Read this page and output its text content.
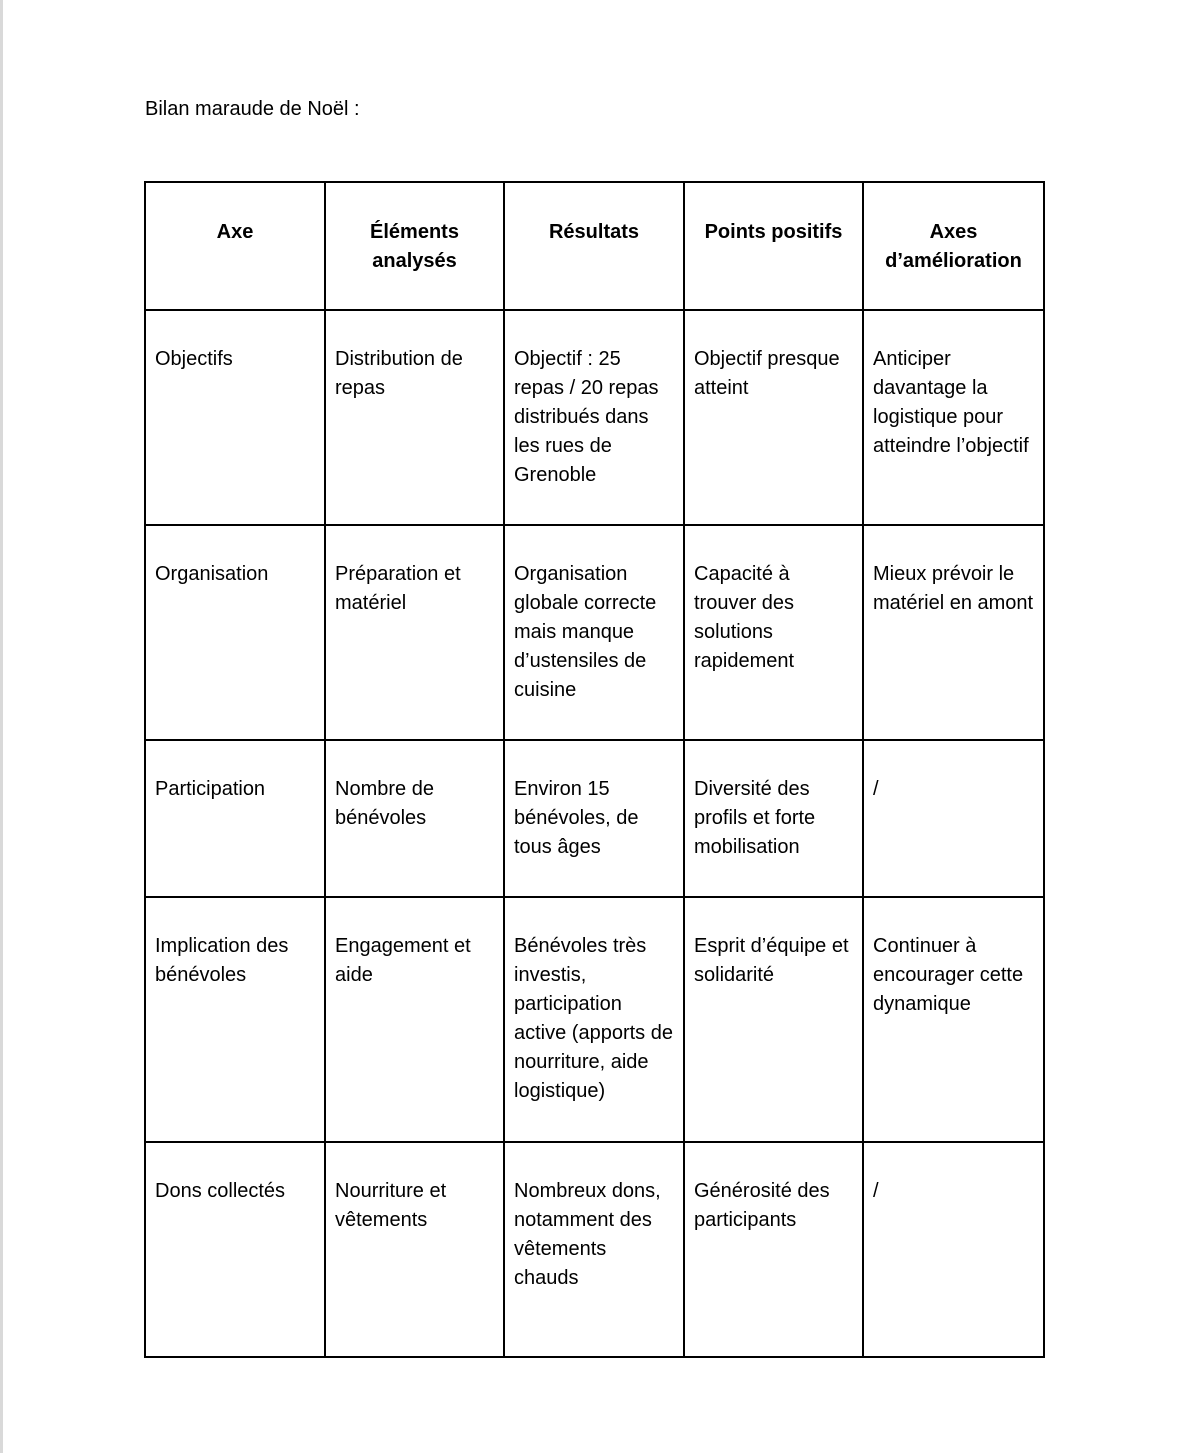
Bilan maraude de Noël :
Axe	Éléments analysés	Résultats	Points positifs	Axes d’amélioration
Objectifs	Distribution de repas	Objectif : 25 repas / 20 repas distribués dans les rues de Grenoble	Objectif presque atteint	Anticiper davantage la logistique pour atteindre l’objectif
Organisation	Préparation et matériel	Organisation globale correcte mais manque d’ustensiles de cuisine	Capacité à trouver des solutions rapidement	Mieux prévoir le matériel en amont
Participation	Nombre de bénévoles	Environ 15 bénévoles, de tous âges	Diversité des profils et forte mobilisation	/
Implication des bénévoles	Engagement et aide	Bénévoles très investis, participation active (apports de nourriture, aide logistique)	Esprit d’équipe et solidarité	Continuer à encourager cette dynamique
Dons collectés	Nourriture et vêtements	Nombreux dons, notamment des vêtements chauds	Générosité des participants	/
